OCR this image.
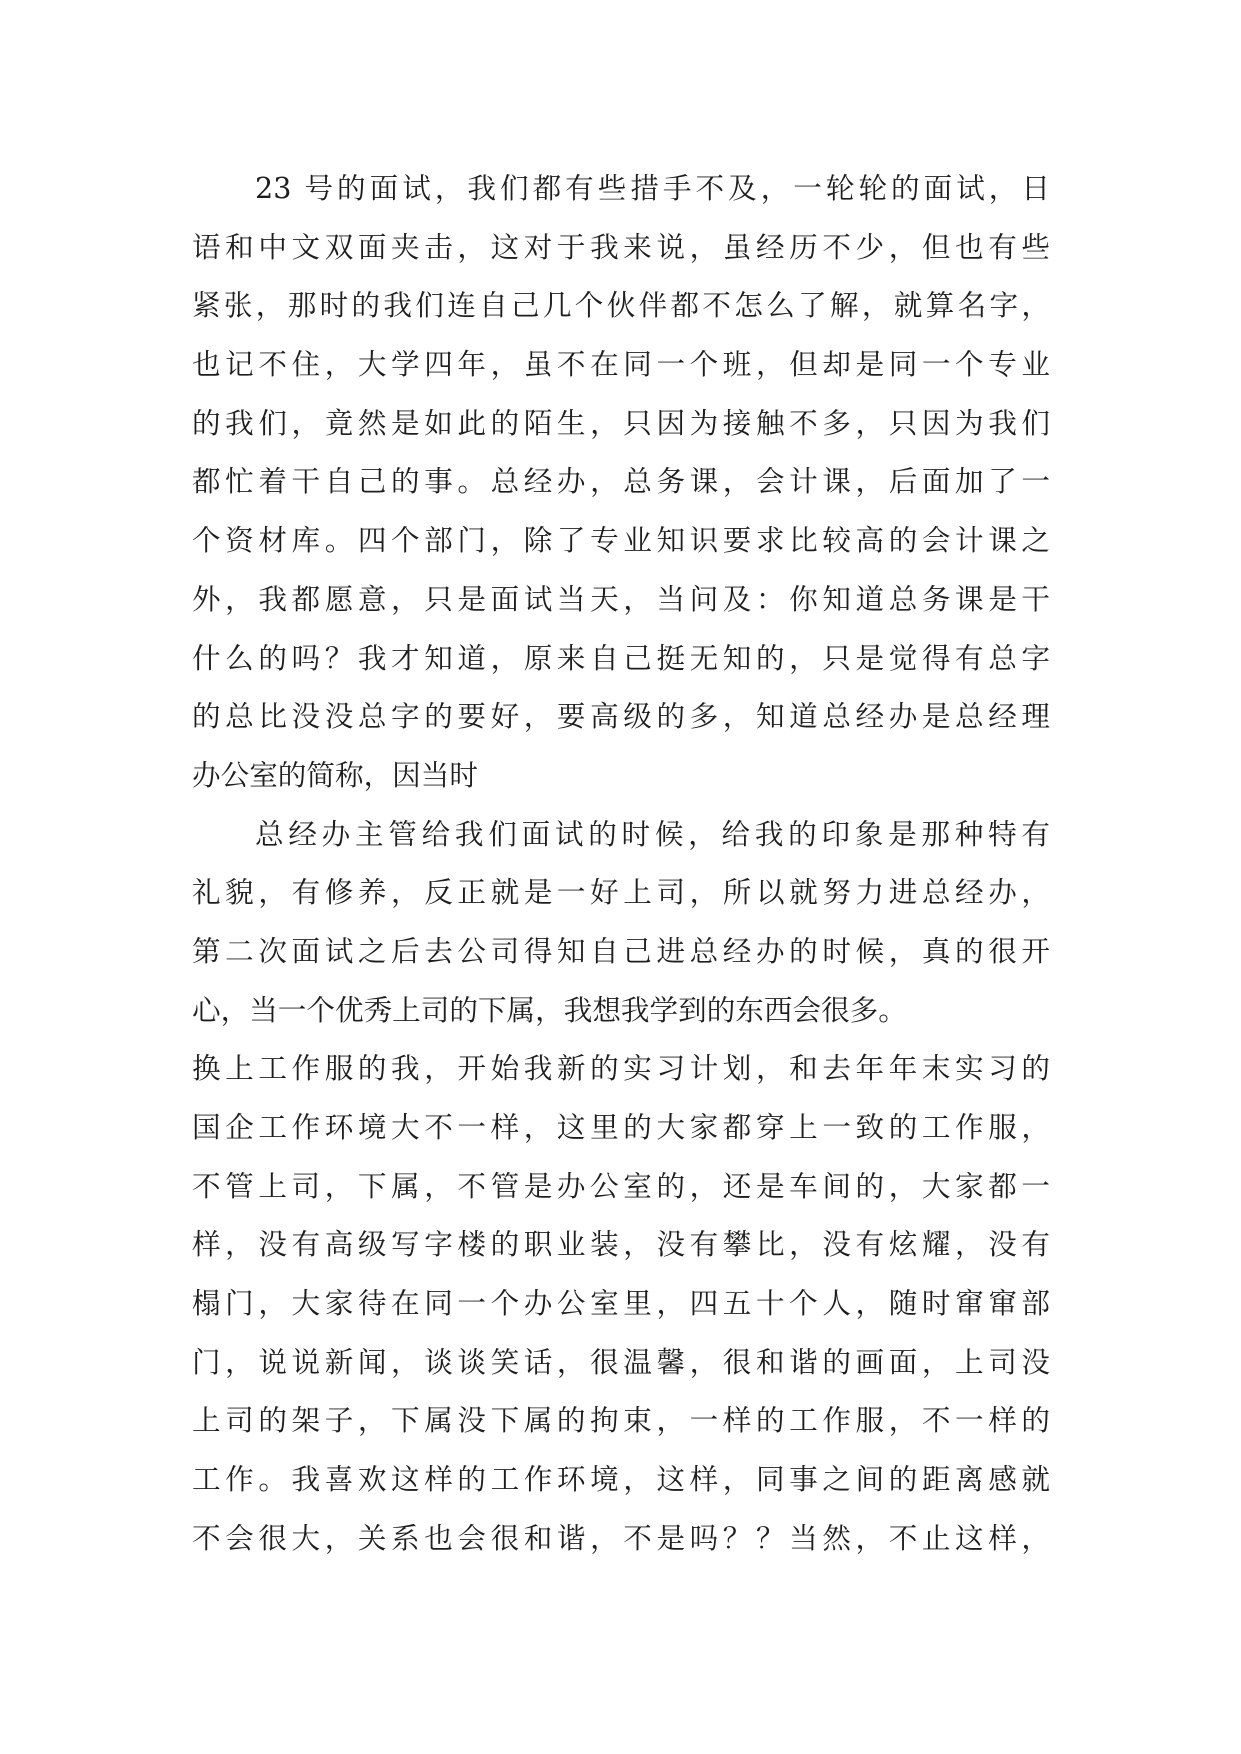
23 号的面试，我们都有些措手不及，一轮轮的面试，日
语和中文双面夹击，这对于我来说，虽经历不少，但也有些
紧张，那时的我们连自己几个伙伴都不怎么了解，就算名字，
也记不住，大学四年，虽不在同一个班，但却是同一个专业
的我们，竟然是如此的陌生，只因为接触不多，只因为我们
都忙着干自己的事。总经办，总务课，会计课，后面加了一
个资材库。四个部门，除了专业知识要求比较高的会计课之
外，我都愿意，只是面试当天，当问及：你知道总务课是干
什么的吗？我才知道，原来自己挺无知的，只是觉得有总字
的总比没没总字的要好，要高级的多，知道总经办是总经理
办公室的简称，因当时
总经办主管给我们面试的时候，给我的印象是那种特有
礼貌，有修养，反正就是一好上司，所以就努力进总经办，
第二次面试之后去公司得知自己进总经办的时候，真的很开
心，当一个优秀上司的下属，我想我学到的东西会很多。
换上工作服的我，开始我新的实习计划，和去年年末实习的
国企工作环境大不一样，这里的大家都穿上一致的工作服，
不管上司，下属，不管是办公室的，还是车间的，大家都一
样，没有高级写字楼的职业装，没有攀比，没有炫耀，没有
榻门，大家待在同一个办公室里，四五十个人，随时窜窜部
门，说说新闻，谈谈笑话，很温馨，很和谐的画面，上司没
上司的架子，下属没下属的拘束，一样的工作服，不一样的
工作。我喜欢这样的工作环境，这样，同事之间的距离感就
不会很大，关系也会很和谐，不是吗？？当然，不止这样，
